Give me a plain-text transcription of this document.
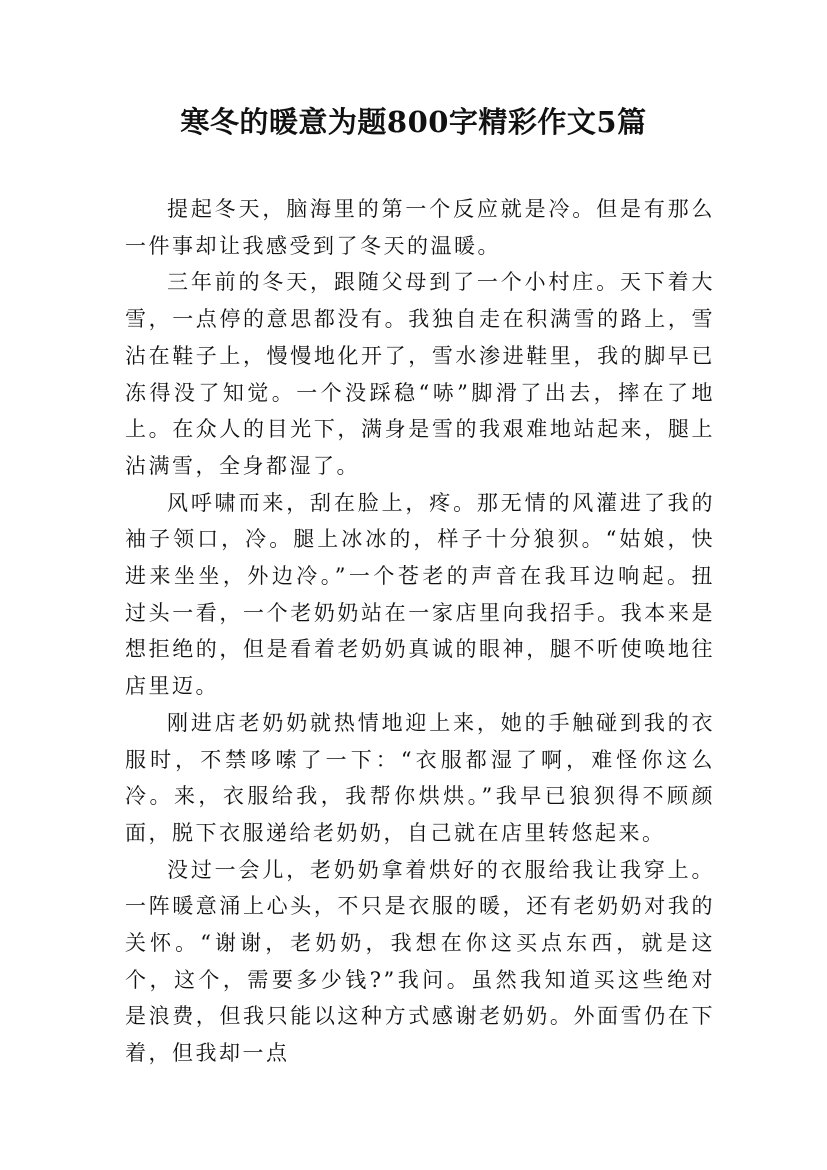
寒冬的暖意为题800字精彩作文5篇

提起冬天，脑海里的第一个反应就是冷。但是有那么一件事却让我感受到了冬天的温暖。

三年前的冬天，跟随父母到了一个小村庄。天下着大雪，一点停的意思都没有。我独自走在积满雪的路上，雪沾在鞋子上，慢慢地化开了，雪水渗进鞋里，我的脚早已冻得没了知觉。一个没踩稳“哧”脚滑了出去，摔在了地上。在众人的目光下，满身是雪的我艰难地站起来，腿上沾满雪，全身都湿了。

风呼啸而来，刮在脸上，疼。那无情的风灌进了我的袖子领口，冷。腿上冰冰的，样子十分狼狈。“姑娘，快进来坐坐，外边冷。”一个苍老的声音在我耳边响起。扭过头一看，一个老奶奶站在一家店里向我招手。我本来是想拒绝的，但是看着老奶奶真诚的眼神，腿不听使唤地往店里迈。

刚进店老奶奶就热情地迎上来，她的手触碰到我的衣服时，不禁哆嗦了一下：“衣服都湿了啊，难怪你这么冷。来，衣服给我，我帮你烘烘。”我早已狼狈得不顾颜面，脱下衣服递给老奶奶，自己就在店里转悠起来。

没过一会儿，老奶奶拿着烘好的衣服给我让我穿上。一阵暖意涌上心头，不只是衣服的暖，还有老奶奶对我的关怀。“谢谢，老奶奶，我想在你这买点东西，就是这个，这个，需要多少钱?”我问。虽然我知道买这些绝对是浪费，但我只能以这种方式感谢老奶奶。外面雪仍在下着，但我却一点
